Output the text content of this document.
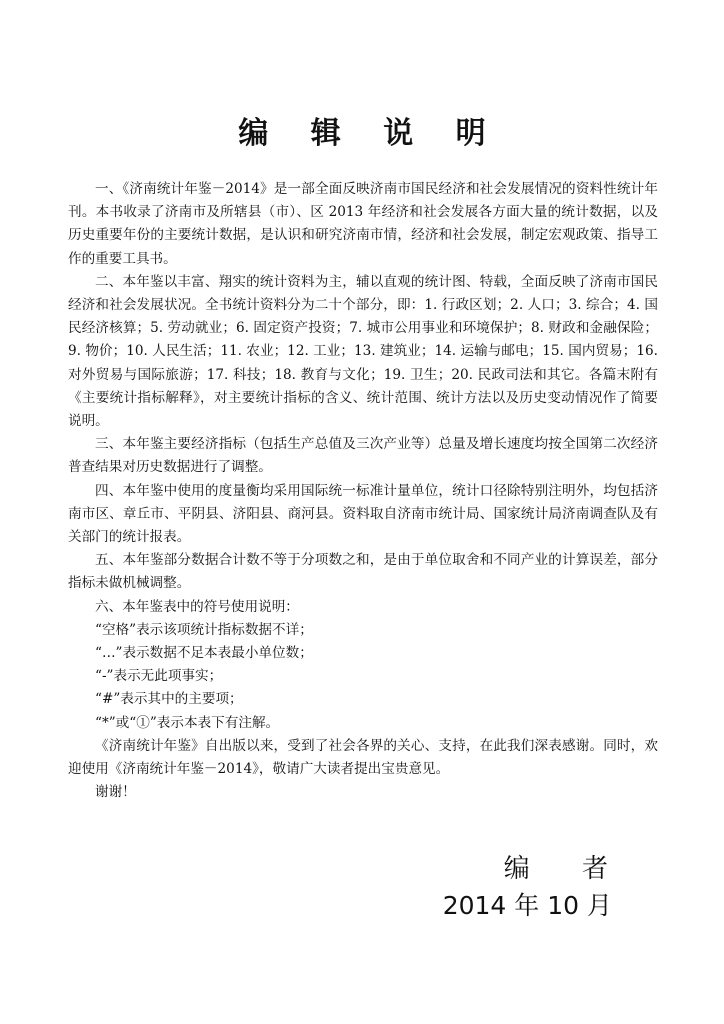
编 辑 说 明

一、《济南统计年鉴－2014》是一部全面反映济南市国民经济和社会发展情况的资料性统计年刊。本书收录了济南市及所辖县（市）、区 2013 年经济和社会发展各方面大量的统计数据，以及历史重要年份的主要统计数据，是认识和研究济南市情，经济和社会发展，制定宏观政策、指导工作的重要工具书。

二、本年鉴以丰富、翔实的统计资料为主，辅以直观的统计图、特载，全面反映了济南市国民经济和社会发展状况。全书统计资料分为二十个部分，即：1. 行政区划；2. 人口；3. 综合；4. 国民经济核算；5. 劳动就业；6. 固定资产投资；7. 城市公用事业和环境保护；8. 财政和金融保险；9. 物价；10. 人民生活；11. 农业；12. 工业；13. 建筑业；14. 运输与邮电；15. 国内贸易；16. 对外贸易与国际旅游；17. 科技；18. 教育与文化；19. 卫生；20. 民政司法和其它。各篇末附有《主要统计指标解释》，对主要统计指标的含义、统计范围、统计方法以及历史变动情况作了简要说明。

三、本年鉴主要经济指标（包括生产总值及三次产业等）总量及增长速度均按全国第二次经济普查结果对历史数据进行了调整。

四、本年鉴中使用的度量衡均采用国际统一标准计量单位，统计口径除特别注明外，均包括济南市区、章丘市、平阴县、济阳县、商河县。资料取自济南市统计局、国家统计局济南调查队及有关部门的统计报表。

五、本年鉴部分数据合计数不等于分项数之和，是由于单位取舍和不同产业的计算误差，部分指标未做机械调整。

六、本年鉴表中的符号使用说明：

“空格”表示该项统计指标数据不详；

“…”表示数据不足本表最小单位数；

“-”表示无此项事实；

“#”表示其中的主要项；

“*”或“①”表示本表下有注解。

《济南统计年鉴》自出版以来，受到了社会各界的关心、支持，在此我们深表感谢。同时，欢迎使用《济南统计年鉴－2014》，敬请广大读者提出宝贵意见。

谢谢！

编 者
2014 年 10 月
